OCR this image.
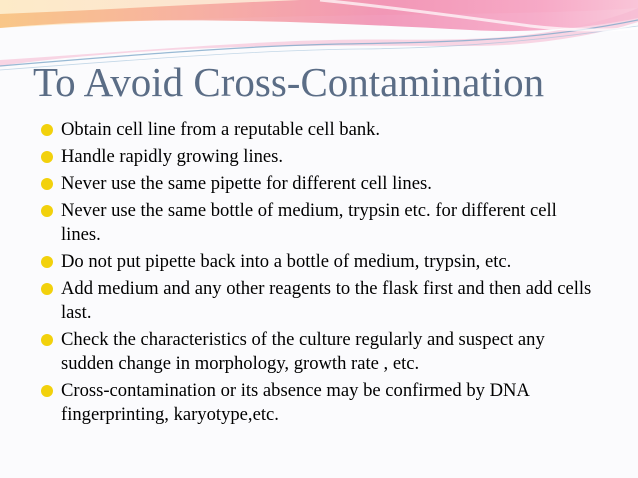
To Avoid Cross-Contamination
Obtain cell line from a reputable cell bank.
Handle rapidly growing lines.
Never use the same pipette for different cell lines.
Never use the same bottle of medium, trypsin etc. for different cell lines.
Do not put pipette back into a bottle of medium, trypsin, etc.
Add medium and any other reagents to the flask first and then add cells last.
Check the characteristics of the culture regularly and suspect any sudden change in morphology, growth rate , etc.
Cross-contamination or its absence may be confirmed by DNA fingerprinting, karyotype,etc.
